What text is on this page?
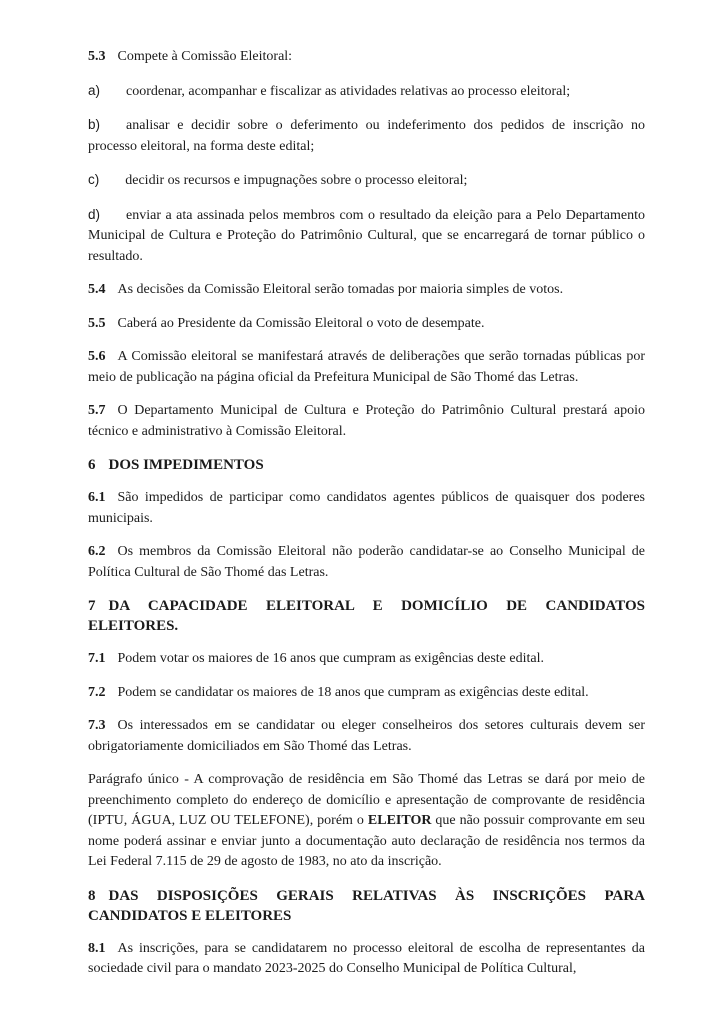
5.3 Compete à Comissão Eleitoral:

a) coordenar, acompanhar e fiscalizar as atividades relativas ao processo eleitoral;

b) analisar e decidir sobre o deferimento ou indeferimento dos pedidos de inscrição no processo eleitoral, na forma deste edital;

c) decidir os recursos e impugnações sobre o processo eleitoral;

d) enviar a ata assinada pelos membros com o resultado da eleição para a Pelo Departamento Municipal de Cultura e Proteção do Patrimônio Cultural, que se encarregará de tornar público o resultado.

5.4 As decisões da Comissão Eleitoral serão tomadas por maioria simples de votos.

5.5 Caberá ao Presidente da Comissão Eleitoral o voto de desempate.

5.6 A Comissão eleitoral se manifestará através de deliberações que serão tornadas públicas por meio de publicação na página oficial da Prefeitura Municipal de São Thomé das Letras.

5.7 O Departamento Municipal de Cultura e Proteção do Patrimônio Cultural prestará apoio técnico e administrativo à Comissão Eleitoral.

6 DOS IMPEDIMENTOS

6.1 São impedidos de participar como candidatos agentes públicos de quaisquer dos poderes municipais.

6.2 Os membros da Comissão Eleitoral não poderão candidatar-se ao Conselho Municipal de Política Cultural de São Thomé das Letras.

7 DA CAPACIDADE ELEITORAL E DOMICÍLIO DE CANDIDATOS ELEITORES.

7.1 Podem votar os maiores de 16 anos que cumpram as exigências deste edital.

7.2 Podem se candidatar os maiores de 18 anos que cumpram as exigências deste edital.

7.3 Os interessados em se candidatar ou eleger conselheiros dos setores culturais devem ser obrigatoriamente domiciliados em São Thomé das Letras.

Parágrafo único - A comprovação de residência em São Thomé das Letras se dará por meio de preenchimento completo do endereço de domicílio e apresentação de comprovante de residência (IPTU, ÁGUA, LUZ OU TELEFONE), porém o ELEITOR que não possuir comprovante em seu nome poderá assinar e enviar junto a documentação auto declaração de residência nos termos da Lei Federal 7.115 de 29 de agosto de 1983, no ato da inscrição.

8 DAS DISPOSIÇÕES GERAIS RELATIVAS ÀS INSCRIÇÕES PARA CANDIDATOS E ELEITORES

8.1 As inscrições, para se candidatarem no processo eleitoral de escolha de representantes da sociedade civil para o mandato 2023-2025 do Conselho Municipal de Política Cultural,
